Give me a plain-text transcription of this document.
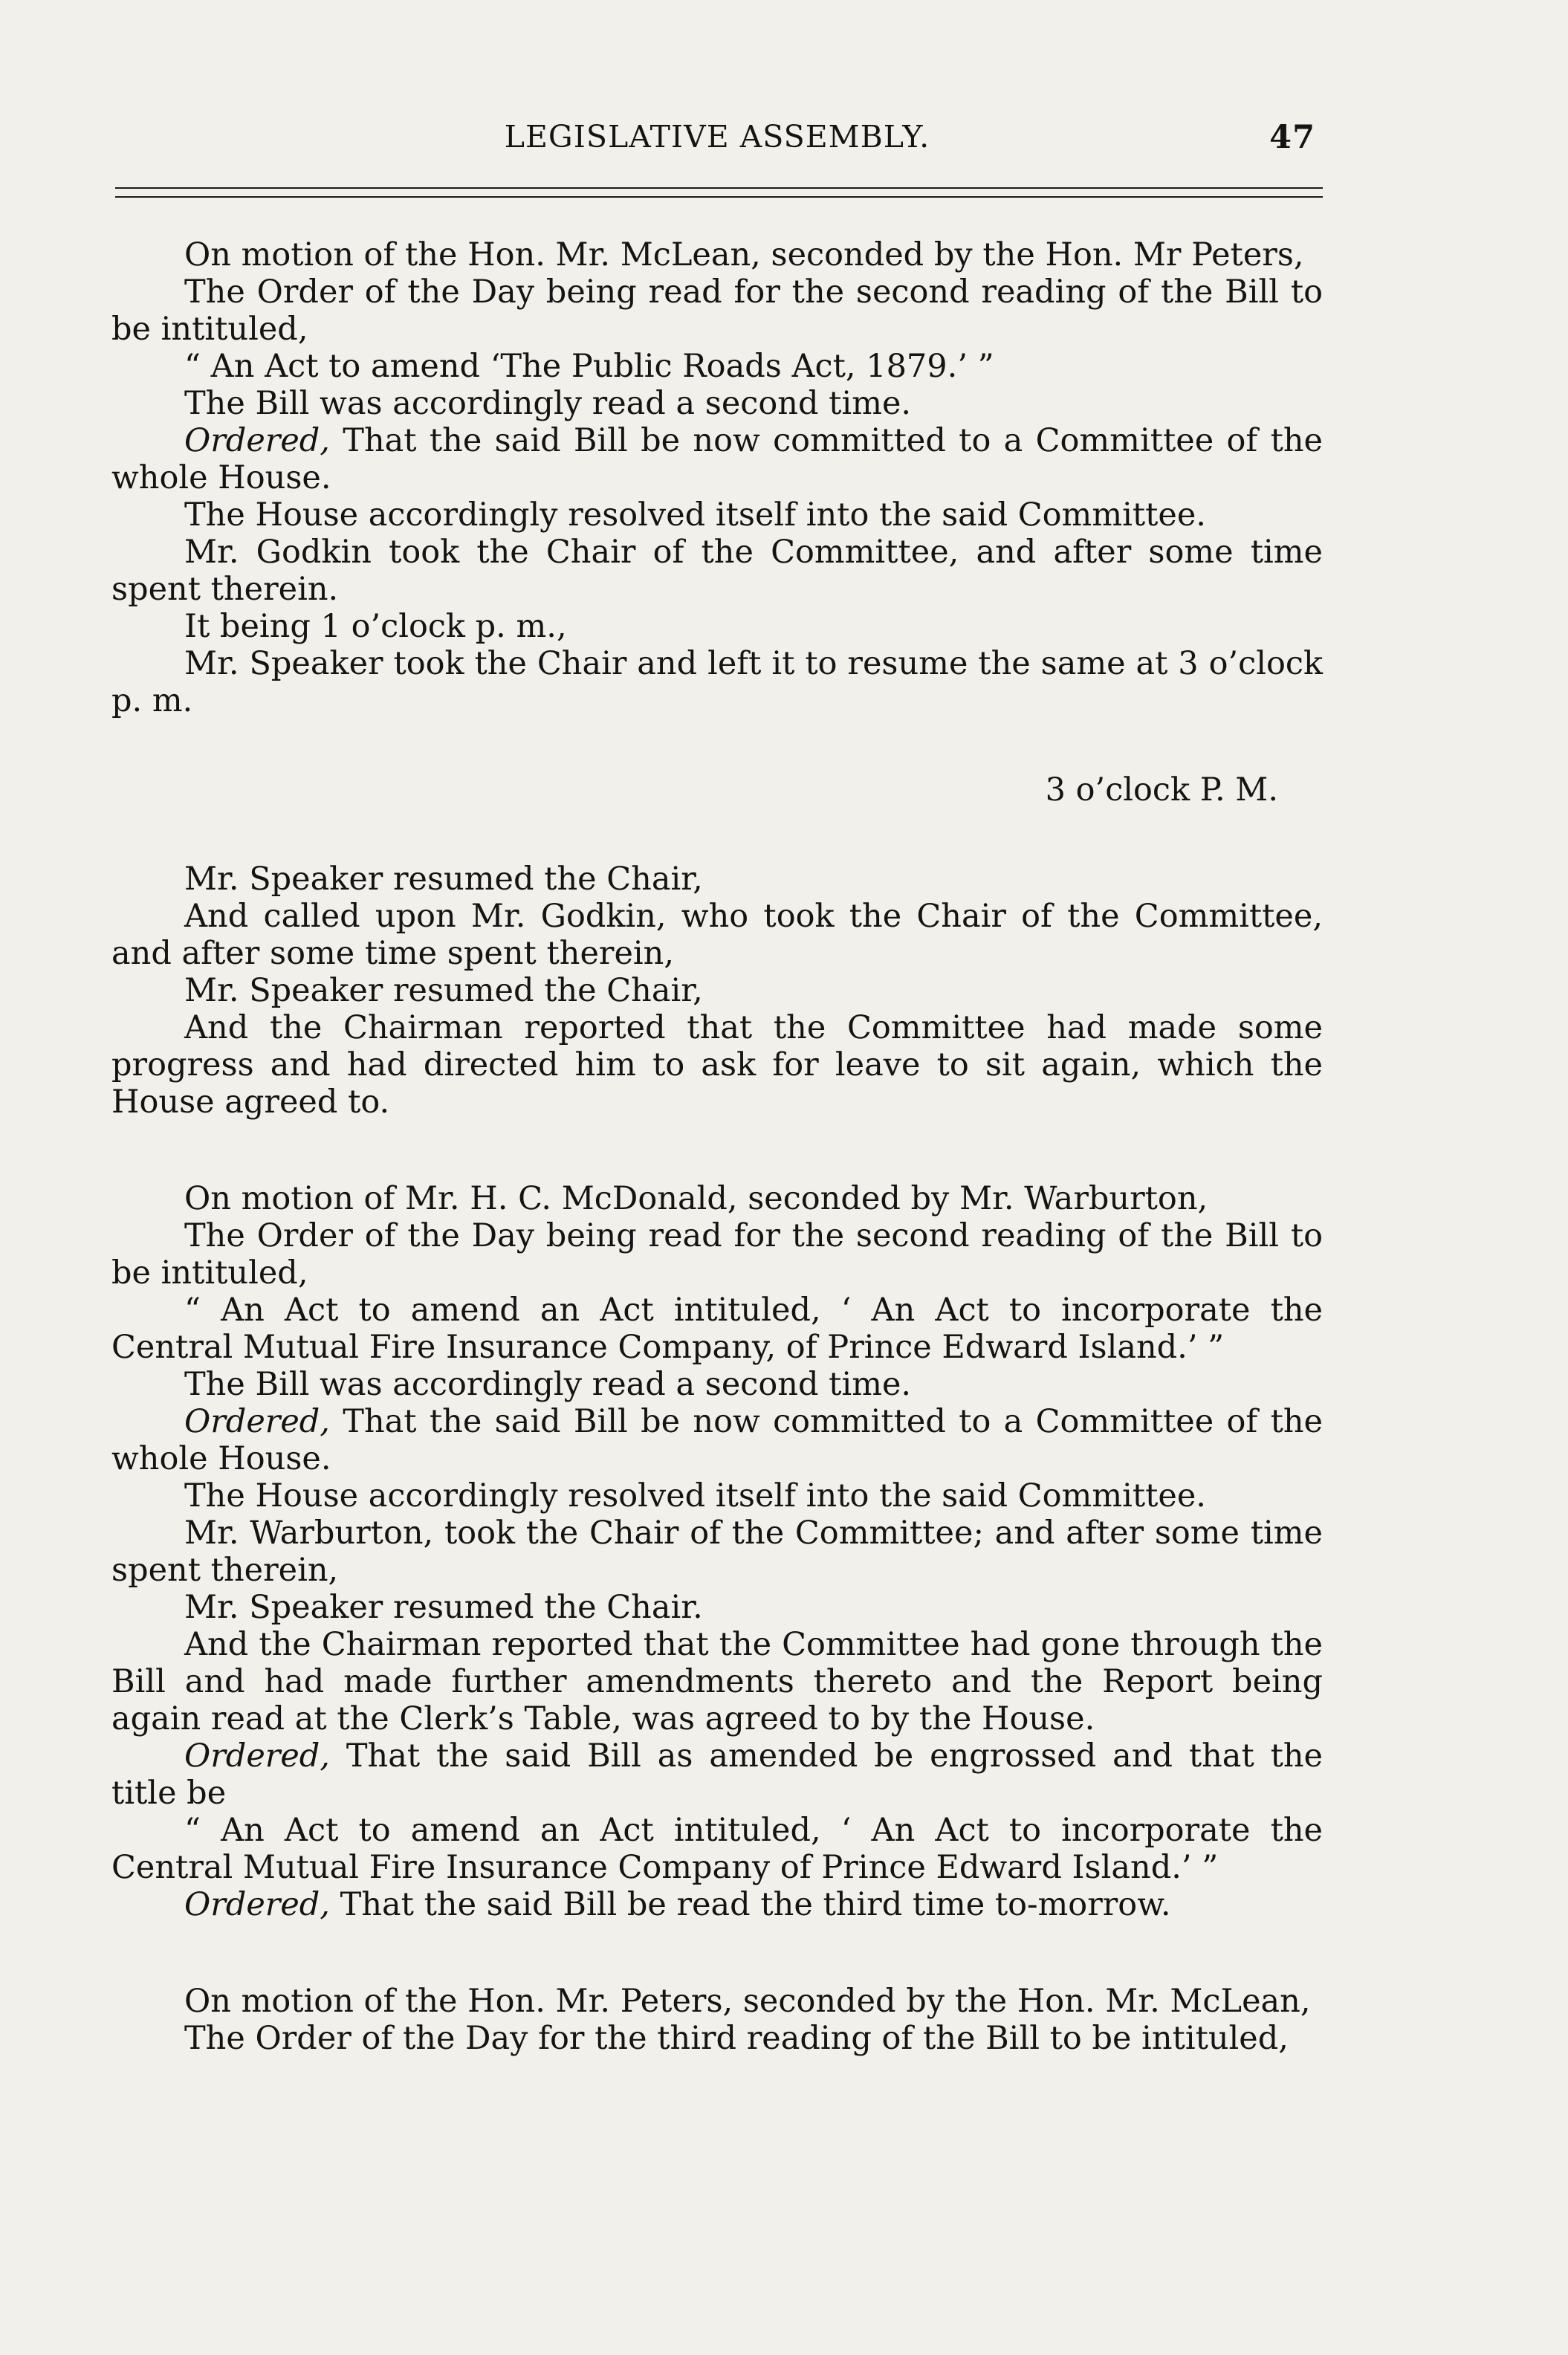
LEGISLATIVE ASSEMBLY.	47

On motion of the Hon. Mr. McLean, seconded by the Hon. Mr Peters,

The Order of the Day being read for the second reading of the Bill to be intituled,

“ An Act to amend ‘The Public Roads Act, 1879.’ ”

The Bill was accordingly read a second time.

Ordered, That the said Bill be now committed to a Committee of the whole House.

The House accordingly resolved itself into the said Committee.

Mr. Godkin took the Chair of the Committee, and after some time spent therein.

It being 1 o’clock p. m.,

Mr. Speaker took the Chair and left it to resume the same at 3 o’clock p. m.

3 o’clock P. M.

Mr. Speaker resumed the Chair,

And called upon Mr. Godkin, who took the Chair of the Committee, and after some time spent therein,

Mr. Speaker resumed the Chair,

And the Chairman reported that the Committee had made some progress and had directed him to ask for leave to sit again, which the House agreed to.

On motion of Mr. H. C. McDonald, seconded by Mr. Warburton,

The Order of the Day being read for the second reading of the Bill to be intituled,

“ An Act to amend an Act intituled, ‘ An Act to incorporate the Central Mutual Fire Insurance Company, of Prince Edward Island.’ ”

The Bill was accordingly read a second time.

Ordered, That the said Bill be now committed to a Committee of the whole House.

The House accordingly resolved itself into the said Committee.

Mr. Warburton, took the Chair of the Committee; and after some time spent therein,

Mr. Speaker resumed the Chair.

And the Chairman reported that the Committee had gone through the Bill and had made further amendments thereto and the Report being again read at the Clerk’s Table, was agreed to by the House.

Ordered, That the said Bill as amended be engrossed and that the title be

“ An Act to amend an Act intituled, ‘ An Act to incorporate the Central Mutual Fire Insurance Company of Prince Edward Island.’ ”

Ordered, That the said Bill be read the third time to-morrow.

On motion of the Hon. Mr. Peters, seconded by the Hon. Mr. McLean,

The Order of the Day for the third reading of the Bill to be intituled,
